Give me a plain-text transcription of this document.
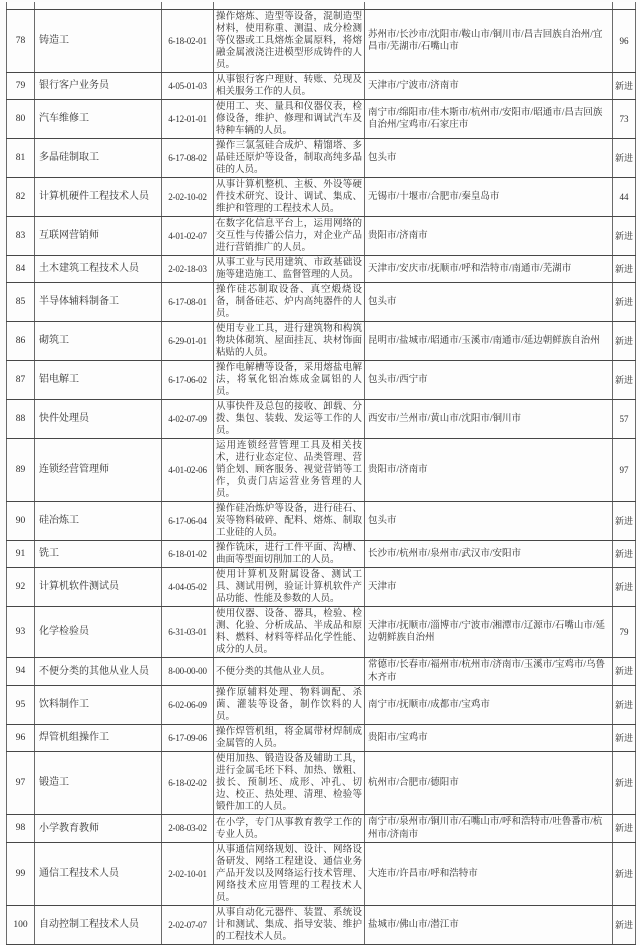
78	铸造工	6-18-02-01	操作熔炼、造型等设备，混制造型材料，使用称重、测温、成分检测等仪器或工具熔炼金属原料，将熔融金属液浇注进模型形成铸件的人员。	苏州市/长沙市/沈阳市/鞍山市/铜川市/昌吉回族自治州/宜昌市/芜湖市/石嘴山市	96
79	银行客户业务员	4-05-01-03	从事银行客户理财、转账、兑现及相关服务工作的人员。	天津市/宁波市/济南市	新进
80	汽车维修工	4-12-01-01	使用工、夹、量具和仪器仪表，检修设备，维护、修理和调试汽车及特种车辆的人员。	南宁市/绵阳市/佳木斯市/杭州市/安阳市/昭通市/昌吉回族自治州/宝鸡市/石家庄市	73
81	多晶硅制取工	6-17-08-02	操作三氯氢硅合成炉、精馏塔、多晶硅还原炉等设备，制取高纯多晶硅的人员。	包头市	新进
82	计算机硬件工程技术人员	2-02-10-02	从事计算机整机、主板、外设等硬件技术研究、设计、调试、集成、维护和管理的工程技术人员。	无锡市/十堰市/合肥市/秦皇岛市	44
83	互联网营销师	4-01-02-07	在数字化信息平台上，运用网络的交互性与传播公信力，对企业产品进行营销推广的人员。	贵阳市/济南市	新进
84	土木建筑工程技术人员	2-02-18-03	从事工业与民用建筑、市政基础设施等建造施工、监督管理的人员。	天津市/安庆市/抚顺市/呼和浩特市/南通市/芜湖市	新进
85	半导体辅料制备工	6-17-08-01	操作硅芯制取设备、真空煅烧设备，制备硅芯、炉内高纯器件的人员。	包头市	新进
86	砌筑工	6-29-01-01	使用专业工具，进行建筑物和构筑物块体砌筑、屋面挂瓦、块材饰面粘贴的人员。	昆明市/盐城市/昭通市/玉溪市/南通市/延边朝鲜族自治州	新进
87	铝电解工	6-17-06-02	操作电解槽等设备，采用熔盐电解法，将氧化铝冶炼成金属铝的人员。	包头市/西宁市	新进
88	快件处理员	4-02-07-09	从事快件及总包的接收、卸载、分拨、集包、装载、发运等工作的人员。	西安市/兰州市/黄山市/沈阳市/铜川市	57
89	连锁经营管理师	4-01-02-06	运用连锁经营管理工具及相关技术，进行业态定位、品类管理、营销企划、顾客服务、视觉营销等工作，负责门店运营业务管理的人员。	贵阳市/济南市	97
90	硅冶炼工	6-17-06-04	操作硅冶炼炉等设备，进行硅石、炭等物料破碎、配料、熔炼、制取工业硅的人员。	包头市	新进
91	铣工	6-18-01-02	操作铣床，进行工件平面、沟槽、曲面等型面切削加工的人员。	长沙市/杭州市/泉州市/武汉市/安阳市	新进
92	计算机软件测试员	4-04-05-02	使用计算机及附属设备、测试工具、测试用例，验证计算机软件产品功能、性能及参数的人员。	天津市	新进
93	化学检验员	6-31-03-01	使用仪器、设备、器具，检验、检测、化验、分析成品、半成品和原料、燃料、材料等样品化学性能、成分的人员。	天津市/抚顺市/淄博市/宁波市/湘潭市/辽源市/石嘴山市/延边朝鲜族自治州	79
94	不便分类的其他从业人员	8-00-00-00	不便分类的其他从业人员。	常德市/长春市/福州市/杭州市/济南市/玉溪市/宝鸡市/乌鲁木齐市	新进
95	饮料制作工	6-02-06-09	操作原辅料处理、物料调配、杀菌、灌装等设备，制作饮料的人员。	南宁市/抚顺市/成都市/宝鸡市	新进
96	焊管机组操作工	6-17-09-06	操作焊管机组，将金属带材焊制成金属管的人员。	贵阳市/宝鸡市	新进
97	锻造工	6-18-02-02	使用加热、锻造设备及辅助工具，进行金属毛坯下料、加热、镦粗、拔长、预制坯、成形、冲孔、切边、校正、热处理、清理、检验等锻件加工的人员。	杭州市/合肥市/德阳市	新进
98	小学教育教师	2-08-03-02	在小学，专门从事教育教学工作的专业人员。	南宁市/泉州市/铜川市/石嘴山市/呼和浩特市/吐鲁番市/杭州市/济南市	新进
99	通信工程技术人员	2-02-10-01	从事通信网络规划、设计、网络设备研发、网络工程建设、通信业务产品开发以及网络运行技术管理、网络技术应用管理的工程技术人员。	大连市/许昌市/呼和浩特市	新进
100	自动控制工程技术人员	2-02-07-07	从事自动化元器件、装置、系统设计和测试、集成、指导安装、维护的工程技术人员。	盐城市/佛山市/潜江市	新进
